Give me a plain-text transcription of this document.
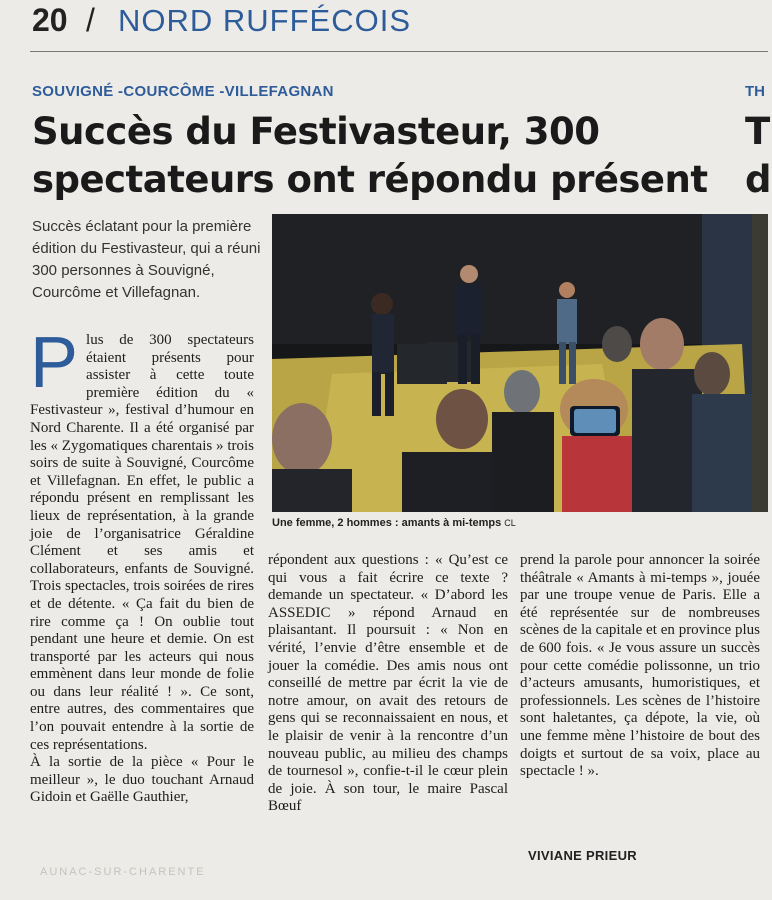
20 / NORD RUFFÉCOIS
SOUVIGNÉ -COURCÔME -VILLEFAGNAN
Succès du Festivasteur, 300 spectateurs ont répondu présent

Succès éclatant pour la première édition du Festivasteur, qui a réuni 300 personnes à Souvigné, Courcôme et Villefagnan.

Une femme, 2 hommes : amants à mi-temps CL
P lus de 300 spectateurs étaient présents pour assister à cette toute première édition du « Festivasteur », festival d’humour en Nord Charente. Il a été organisé par les « Zygomatiques charentais » trois soirs de suite à Souvigné, Courcôme et Villefagnan. En effet, le public a répondu présent en remplissant les lieux de représentation, à la grande joie de l’organisatrice Géraldine Clément et ses amis et collaborateurs, enfants de Souvigné. Trois spectacles, trois soirées de rires et de détente. « Ça fait du bien de rire comme ça ! On oublie tout pendant une heure et demie. On est transporté par les acteurs qui nous emmènent dans leur monde de folie ou dans leur réalité ! ». Ce sont, entre autres, des commentaires que l’on pouvait entendre à la sortie de ces représentations.

À la sortie de la pièce « Pour le meilleur », le duo touchant Arnaud Gidoin et Gaëlle Gauthier,

répondent aux questions : « Qu’est ce qui vous a fait écrire ce texte ? demande un spectateur. « D’abord les ASSEDIC » répond Arnaud en plaisantant. Il poursuit : « Non en vérité, l’envie d’être ensemble et de jouer la comédie. Des amis nous ont conseillé de mettre par écrit la vie de notre amour, on avait des retours de gens qui se reconnaissaient en nous, et le plaisir de venir à la rencontre d’un nouveau public, au milieu des champs de tournesol », confie-t-il le cœur plein de joie. À son tour, le maire Pascal Bœuf

prend la parole pour annoncer la soirée théâtrale « Amants à mi-temps », jouée par une troupe venue de Paris. Elle a été représentée sur de nombreuses scènes de la capitale et en province plus de 600 fois. « Je vous assure un succès pour cette comédie polissonne, un trio d’acteurs amusants, humoristiques, et professionnels. Les scènes de l’histoire sont haletantes, ça dépote, la vie, où une femme mène l’histoire de bout des doigts et surtout de sa voix, place au spectacle ! ».

VIVIANE PRIEUR
TH
T
d
AUNAC-SUR-CHARENTE
